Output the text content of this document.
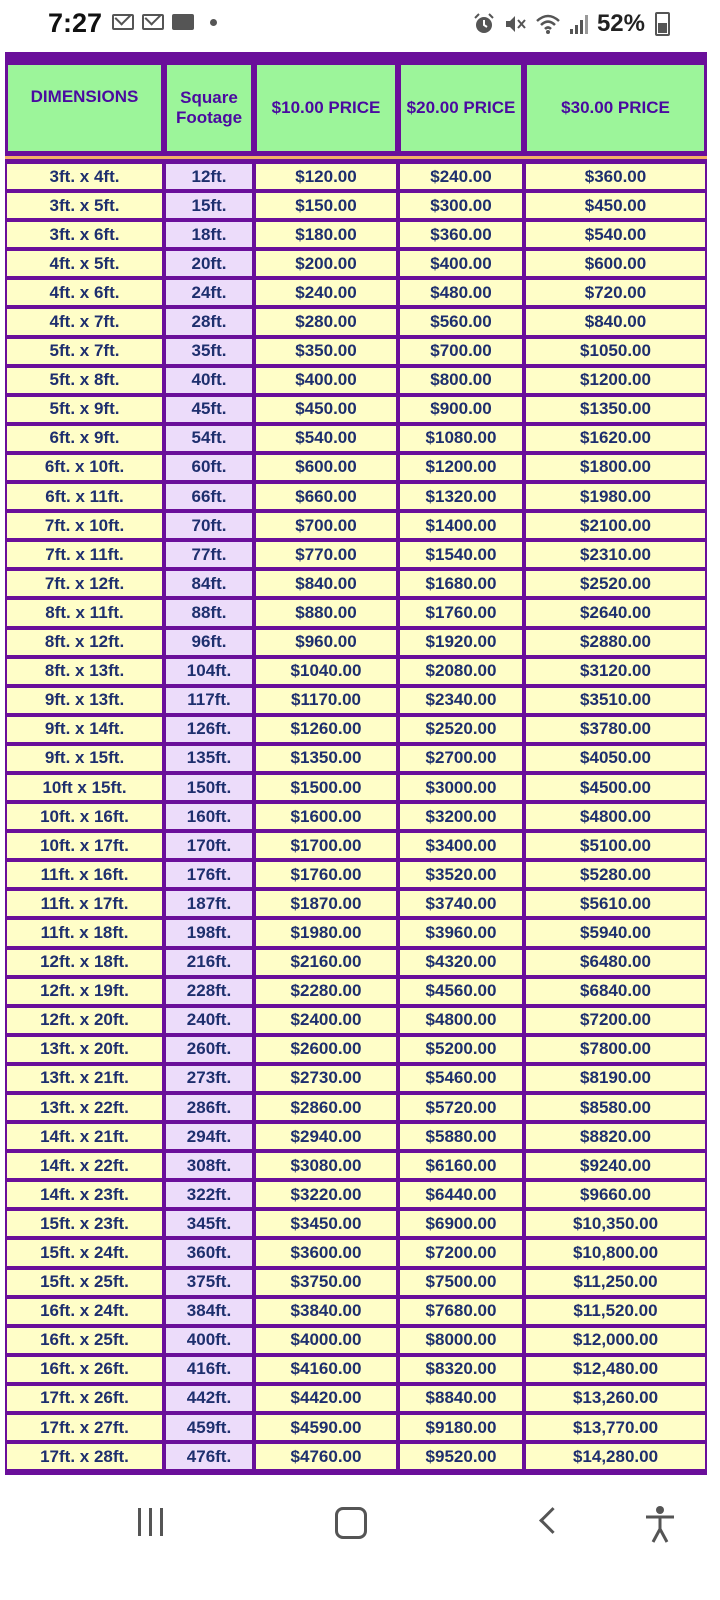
7:27	52%
DIMENSIONS	Square Footage	$10.00 PRICE	$20.00 PRICE	$30.00 PRICE

3ft. x 4ft.	12ft.	$120.00	$240.00	$360.00
3ft. x 5ft.	15ft.	$150.00	$300.00	$450.00
3ft. x 6ft.	18ft.	$180.00	$360.00	$540.00
4ft. x 5ft.	20ft.	$200.00	$400.00	$600.00
4ft. x 6ft.	24ft.	$240.00	$480.00	$720.00
4ft. x 7ft.	28ft.	$280.00	$560.00	$840.00
5ft. x 7ft.	35ft.	$350.00	$700.00	$1050.00
5ft. x 8ft.	40ft.	$400.00	$800.00	$1200.00
5ft. x 9ft.	45ft.	$450.00	$900.00	$1350.00
6ft. x 9ft.	54ft.	$540.00	$1080.00	$1620.00
6ft. x 10ft.	60ft.	$600.00	$1200.00	$1800.00
6ft. x 11ft.	66ft.	$660.00	$1320.00	$1980.00
7ft. x 10ft.	70ft.	$700.00	$1400.00	$2100.00
7ft. x 11ft.	77ft.	$770.00	$1540.00	$2310.00
7ft. x 12ft.	84ft.	$840.00	$1680.00	$2520.00
8ft. x 11ft.	88ft.	$880.00	$1760.00	$2640.00
8ft. x 12ft.	96ft.	$960.00	$1920.00	$2880.00
8ft. x 13ft.	104ft.	$1040.00	$2080.00	$3120.00
9ft. x 13ft.	117ft.	$1170.00	$2340.00	$3510.00
9ft. x 14ft.	126ft.	$1260.00	$2520.00	$3780.00
9ft. x 15ft.	135ft.	$1350.00	$2700.00	$4050.00
10ft x 15ft.	150ft.	$1500.00	$3000.00	$4500.00
10ft. x 16ft.	160ft.	$1600.00	$3200.00	$4800.00
10ft. x 17ft.	170ft.	$1700.00	$3400.00	$5100.00
11ft. x 16ft.	176ft.	$1760.00	$3520.00	$5280.00
11ft. x 17ft.	187ft.	$1870.00	$3740.00	$5610.00
11ft. x 18ft.	198ft.	$1980.00	$3960.00	$5940.00
12ft. x 18ft.	216ft.	$2160.00	$4320.00	$6480.00
12ft. x 19ft.	228ft.	$2280.00	$4560.00	$6840.00
12ft. x 20ft.	240ft.	$2400.00	$4800.00	$7200.00
13ft. x 20ft.	260ft.	$2600.00	$5200.00	$7800.00
13ft. x 21ft.	273ft.	$2730.00	$5460.00	$8190.00
13ft. x 22ft.	286ft.	$2860.00	$5720.00	$8580.00
14ft. x 21ft.	294ft.	$2940.00	$5880.00	$8820.00
14ft. x 22ft.	308ft.	$3080.00	$6160.00	$9240.00
14ft. x 23ft.	322ft.	$3220.00	$6440.00	$9660.00
15ft. x 23ft.	345ft.	$3450.00	$6900.00	$10,350.00
15ft. x 24ft.	360ft.	$3600.00	$7200.00	$10,800.00
15ft. x 25ft.	375ft.	$3750.00	$7500.00	$11,250.00
16ft. x 24ft.	384ft.	$3840.00	$7680.00	$11,520.00
16ft. x 25ft.	400ft.	$4000.00	$8000.00	$12,000.00
16ft. x 26ft.	416ft.	$4160.00	$8320.00	$12,480.00
17ft. x 26ft.	442ft.	$4420.00	$8840.00	$13,260.00
17ft. x 27ft.	459ft.	$4590.00	$9180.00	$13,770.00
17ft. x 28ft.	476ft.	$4760.00	$9520.00	$14,280.00
